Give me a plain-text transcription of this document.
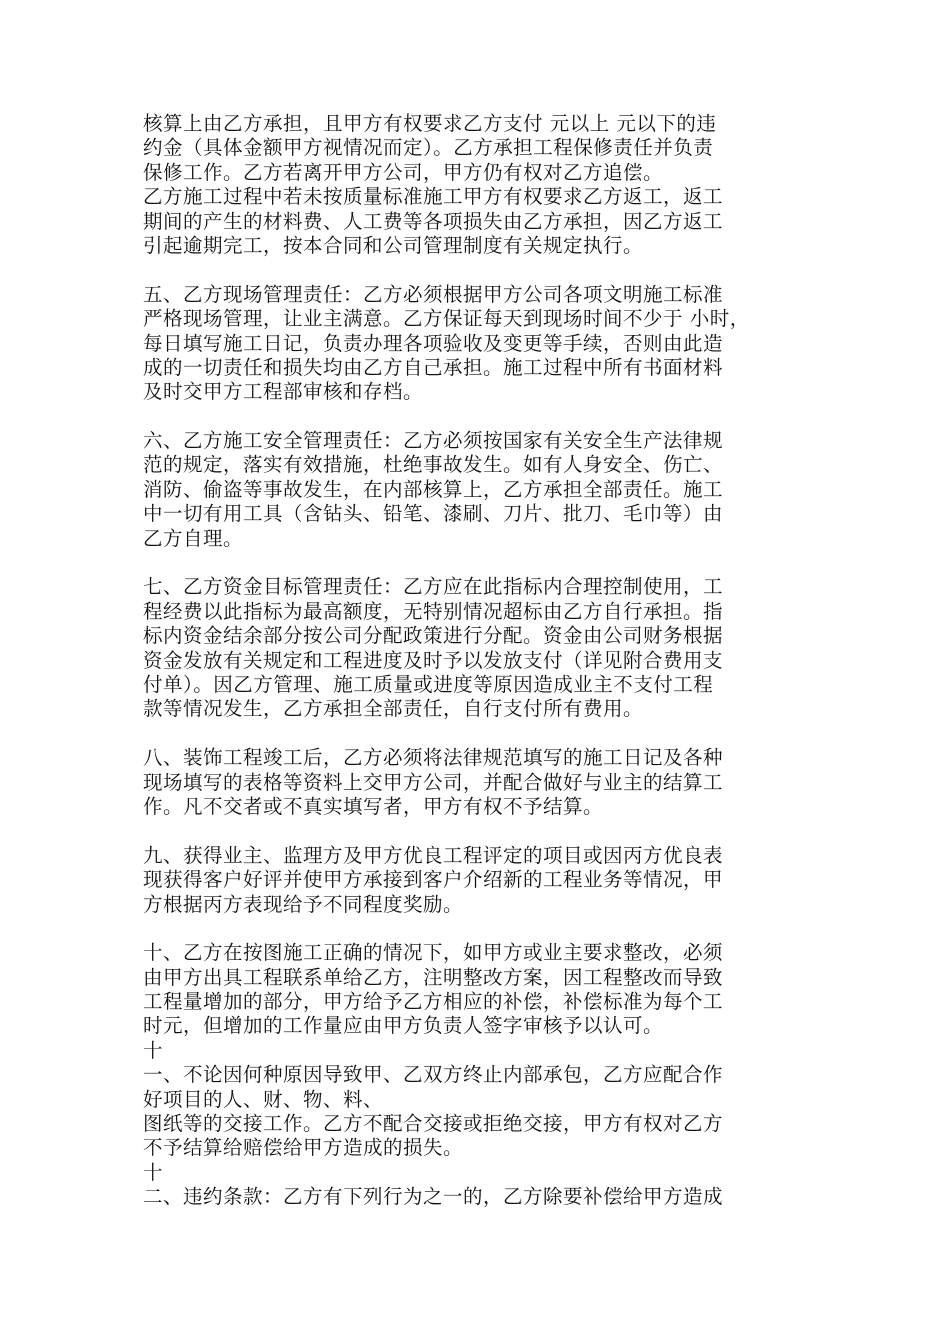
核算上由乙方承担，且甲方有权要求乙方支付 元以上 元以下的违
约金（具体金额甲方视情况而定）。乙方承担工程保修责任并负责
保修工作。乙方若离开甲方公司，甲方仍有权对乙方追偿。
乙方施工过程中若未按质量标准施工甲方有权要求乙方返工，返工
期间的产生的材料费、人工费等各项损失由乙方承担，因乙方返工
引起逾期完工，按本合同和公司管理制度有关规定执行。
五、乙方现场管理责任：乙方必须根据甲方公司各项文明施工标准
严格现场管理，让业主满意。乙方保证每天到现场时间不少于 小时，
每日填写施工日记，负责办理各项验收及变更等手续，否则由此造
成的一切责任和损失均由乙方自己承担。施工过程中所有书面材料
及时交甲方工程部审核和存档。
六、乙方施工安全管理责任：乙方必须按国家有关安全生产法律规
范的规定，落实有效措施，杜绝事故发生。如有人身安全、伤亡、
消防、偷盗等事故发生，在内部核算上，乙方承担全部责任。施工
中一切有用工具（含钻头、铅笔、漆刷、刀片、批刀、毛巾等）由
乙方自理。
七、乙方资金目标管理责任：乙方应在此指标内合理控制使用，工
程经费以此指标为最高额度，无特别情况超标由乙方自行承担。指
标内资金结余部分按公司分配政策进行分配。资金由公司财务根据
资金发放有关规定和工程进度及时予以发放支付（详见附合费用支
付单）。因乙方管理、施工质量或进度等原因造成业主不支付工程
款等情况发生，乙方承担全部责任，自行支付所有费用。
八、装饰工程竣工后，乙方必须将法律规范填写的施工日记及各种
现场填写的表格等资料上交甲方公司，并配合做好与业主的结算工
作。凡不交者或不真实填写者，甲方有权不予结算。
九、获得业主、监理方及甲方优良工程评定的项目或因丙方优良表
现获得客户好评并使甲方承接到客户介绍新的工程业务等情况，甲
方根据丙方表现给予不同程度奖励。
十、乙方在按图施工正确的情况下，如甲方或业主要求整改，必须
由甲方出具工程联系单给乙方，注明整改方案，因工程整改而导致
工程量增加的部分，甲方给予乙方相应的补偿，补偿标准为每个工
时元，但增加的工作量应由甲方负责人签字审核予以认可。
十
一、不论因何种原因导致甲、乙双方终止内部承包，乙方应配合作
好项目的人、财、物、料、
图纸等的交接工作。乙方不配合交接或拒绝交接，甲方有权对乙方
不予结算给赔偿给甲方造成的损失。
十
二、违约条款：乙方有下列行为之一的，乙方除要补偿给甲方造成
